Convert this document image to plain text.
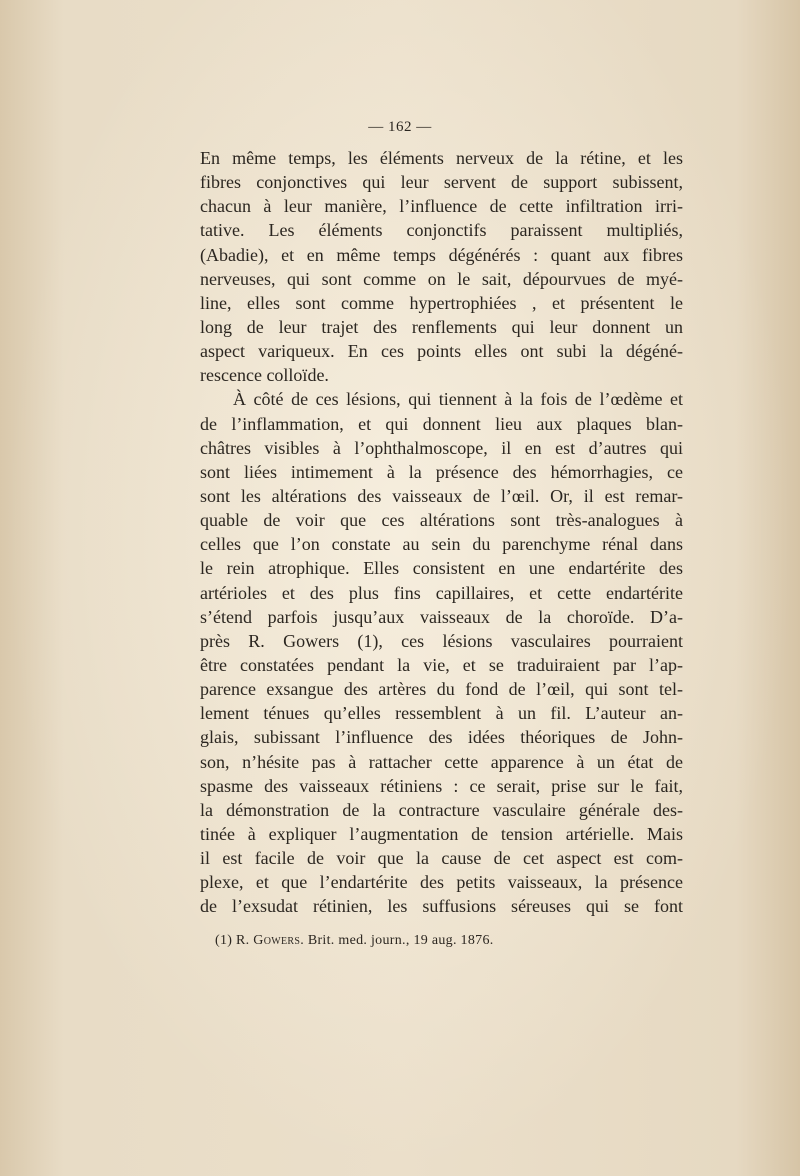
— 162 —
En même temps, les éléments nerveux de la rétine, et les
fibres conjonctives qui leur servent de support subissent,
chacun à leur manière, l’influence de cette infiltration irri-
tative. Les éléments conjonctifs paraissent multipliés,
(Abadie), et en même temps dégénérés : quant aux fibres
nerveuses, qui sont comme on le sait, dépourvues de myé-
line, elles sont comme hypertrophiées , et présentent le
long de leur trajet des renflements qui leur donnent un
aspect variqueux. En ces points elles ont subi la dégéné-
rescence colloïde.
À côté de ces lésions, qui tiennent à la fois de l’œdème et
de l’inflammation, et qui donnent lieu aux plaques blan-
châtres visibles à l’ophthalmoscope, il en est d’autres qui
sont liées intimement à la présence des hémorrhagies, ce
sont les altérations des vaisseaux de l’œil. Or, il est remar-
quable de voir que ces altérations sont très-analogues à
celles que l’on constate au sein du parenchyme rénal dans
le rein atrophique. Elles consistent en une endartérite des
artérioles et des plus fins capillaires, et cette endartérite
s’étend parfois jusqu’aux vaisseaux de la choroïde. D’a-
près R. Gowers (1), ces lésions vasculaires pourraient
être constatées pendant la vie, et se traduiraient par l’ap-
parence exsangue des artères du fond de l’œil, qui sont tel-
lement ténues qu’elles ressemblent à un fil. L’auteur an-
glais, subissant l’influence des idées théoriques de John-
son, n’hésite pas à rattacher cette apparence à un état de
spasme des vaisseaux rétiniens : ce serait, prise sur le fait,
la démonstration de la contracture vasculaire générale des-
tinée à expliquer l’augmentation de tension artérielle. Mais
il est facile de voir que la cause de cet aspect est com-
plexe, et que l’endartérite des petits vaisseaux, la présence
de l’exsudat rétinien, les suffusions séreuses qui se font
(1) R. Gowers. Brit. med. journ., 19 aug. 1876.
